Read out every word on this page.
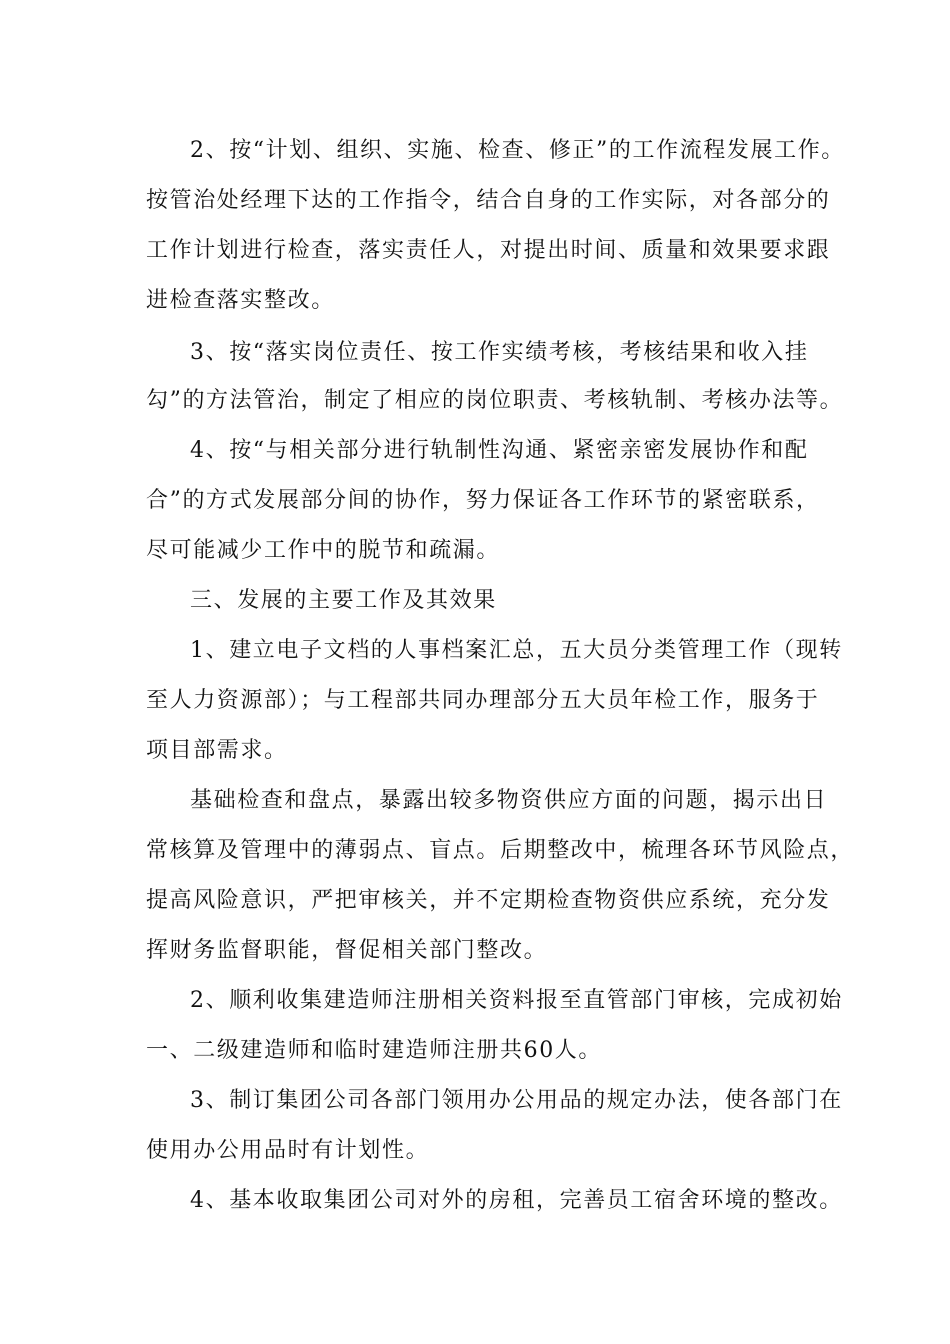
2、按“计划、组织、实施、检查、修正”的工作流程发展工作。

按管治处经理下达的工作指令，结合自身的工作实际，对各部分的

工作计划进行检查，落实责任人，对提出时间、质量和效果要求跟

进检查落实整改。

3、按“落实岗位责任、按工作实绩考核，考核结果和收入挂

勾”的方法管治，制定了相应的岗位职责、考核轨制、考核办法等。

4、按“与相关部分进行轨制性沟通、紧密亲密发展协作和配

合”的方式发展部分间的协作，努力保证各工作环节的紧密联系，

尽可能减少工作中的脱节和疏漏。

三、发展的主要工作及其效果

1、建立电子文档的人事档案汇总，五大员分类管理工作（现转

至人力资源部）；与工程部共同办理部分五大员年检工作，服务于

项目部需求。

基础检查和盘点，暴露出较多物资供应方面的问题，揭示出日

常核算及管理中的薄弱点、盲点。后期整改中，梳理各环节风险点，

提高风险意识，严把审核关，并不定期检查物资供应系统，充分发

挥财务监督职能，督促相关部门整改。

2、顺利收集建造师注册相关资料报至直管部门审核，完成初始

一、二级建造师和临时建造师注册共60人。

3、制订集团公司各部门领用办公用品的规定办法，使各部门在

使用办公用品时有计划性。

4、基本收取集团公司对外的房租，完善员工宿舍环境的整改。
